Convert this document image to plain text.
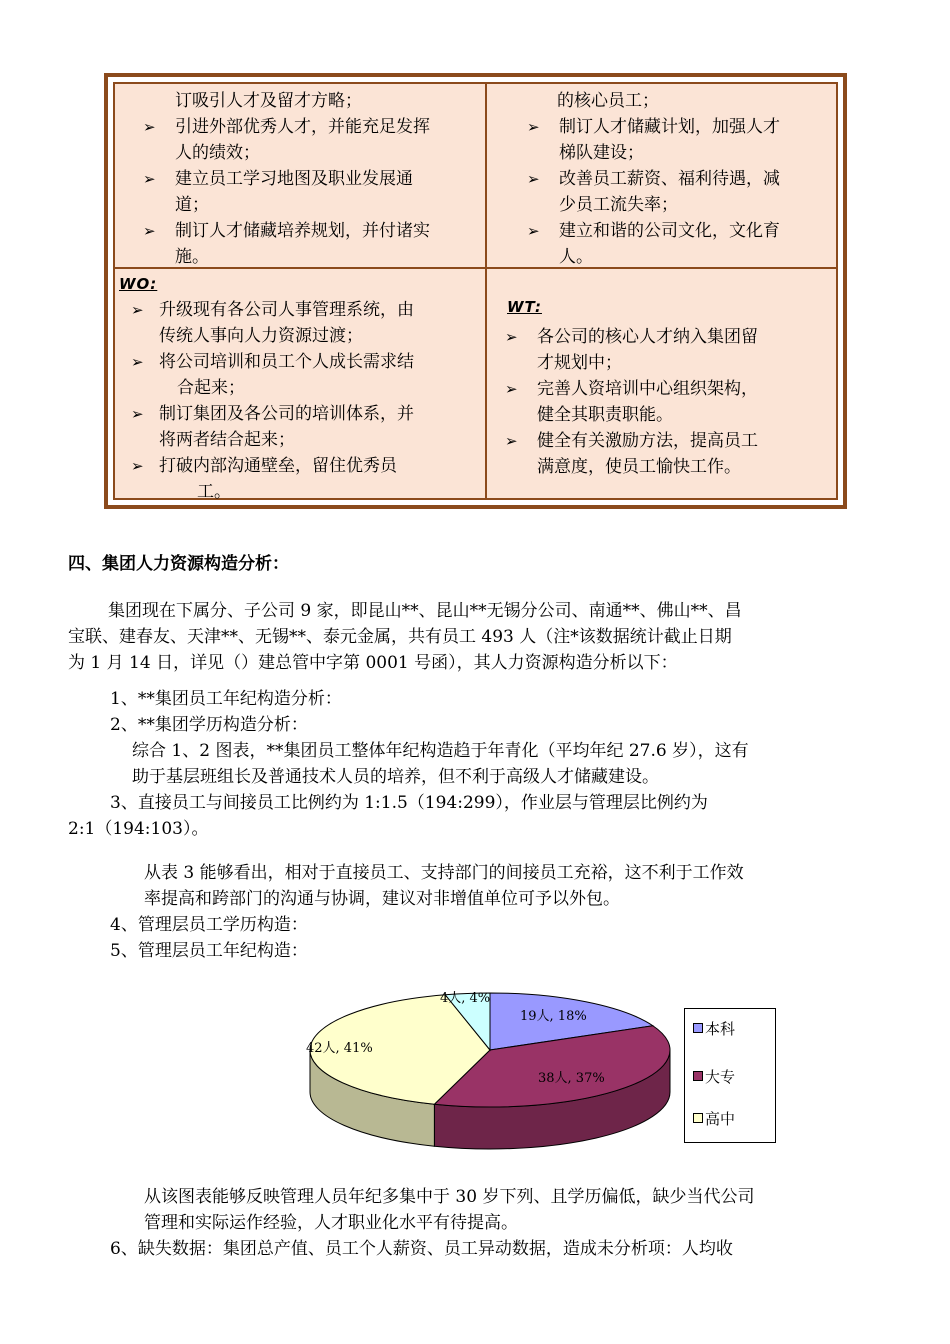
订吸引人才及留才方略；
➢	引进外部优秀人才，并能充足发挥
人的绩效；
➢	建立员工学习地图及职业发展通
道；
➢	制订人才储藏培养规划，并付诸实
施。
的核心员工；
➢	制订人才储藏计划，加强人才
梯队建设；
➢	改善员工薪资、福利待遇，减
少员工流失率；
➢	建立和谐的公司文化，文化育
人。
WO:
➢ 升级现有各公司人事管理系统，由
传统人事向人力资源过渡；
➢ 将公司培训和员工个人成长需求结
合起来；
➢ 制订集团及各公司的培训体系，并
将两者结合起来；
➢ 打破内部沟通壁垒，留住优秀员
工。
WT:
➢	各公司的核心人才纳入集团留
才规划中；
➢	完善人资培训中心组织架构，
健全其职责职能。
➢	健全有关激励方法，提高员工
满意度，使员工愉快工作。
四、集团人力资源构造分析：
集团现在下属分、子公司 9 家，即昆山**、昆山**无锡分公司、南通**、佛山**、昌
宝联、建春友、天津**、无锡**、泰元金属，共有员工 493 人（注*该数据统计截止日期
为 1 月 14 日，详见（）建总管中字第 0001 号函），其人力资源构造分析以下：
1、**集团员工年纪构造分析：
2、**集团学历构造分析：
综合 1、2 图表，**集团员工整体年纪构造趋于年青化（平均年纪 27.6 岁），这有
助于基层班组长及普通技术人员的培养，但不利于高级人才储藏建设。
3、直接员工与间接员工比例约为 1:1.5（194:299），作业层与管理层比例约为
2:1（194:103）。
从表 3 能够看出，相对于直接员工、支持部门的间接员工充裕，这不利于工作效
率提高和跨部门的沟通与协调，建议对非增值单位可予以外包。
4、管理层员工学历构造：
5、管理层员工年纪构造：
19人, 18%
38人, 37%
42人, 41%
4人, 4%
本科
大专
高中
从该图表能够反映管理人员年纪多集中于 30 岁下列、且学历偏低，缺少当代公司
管理和实际运作经验，人才职业化水平有待提高。
6、缺失数据：集团总产值、员工个人薪资、员工异动数据，造成未分析项：人均收
